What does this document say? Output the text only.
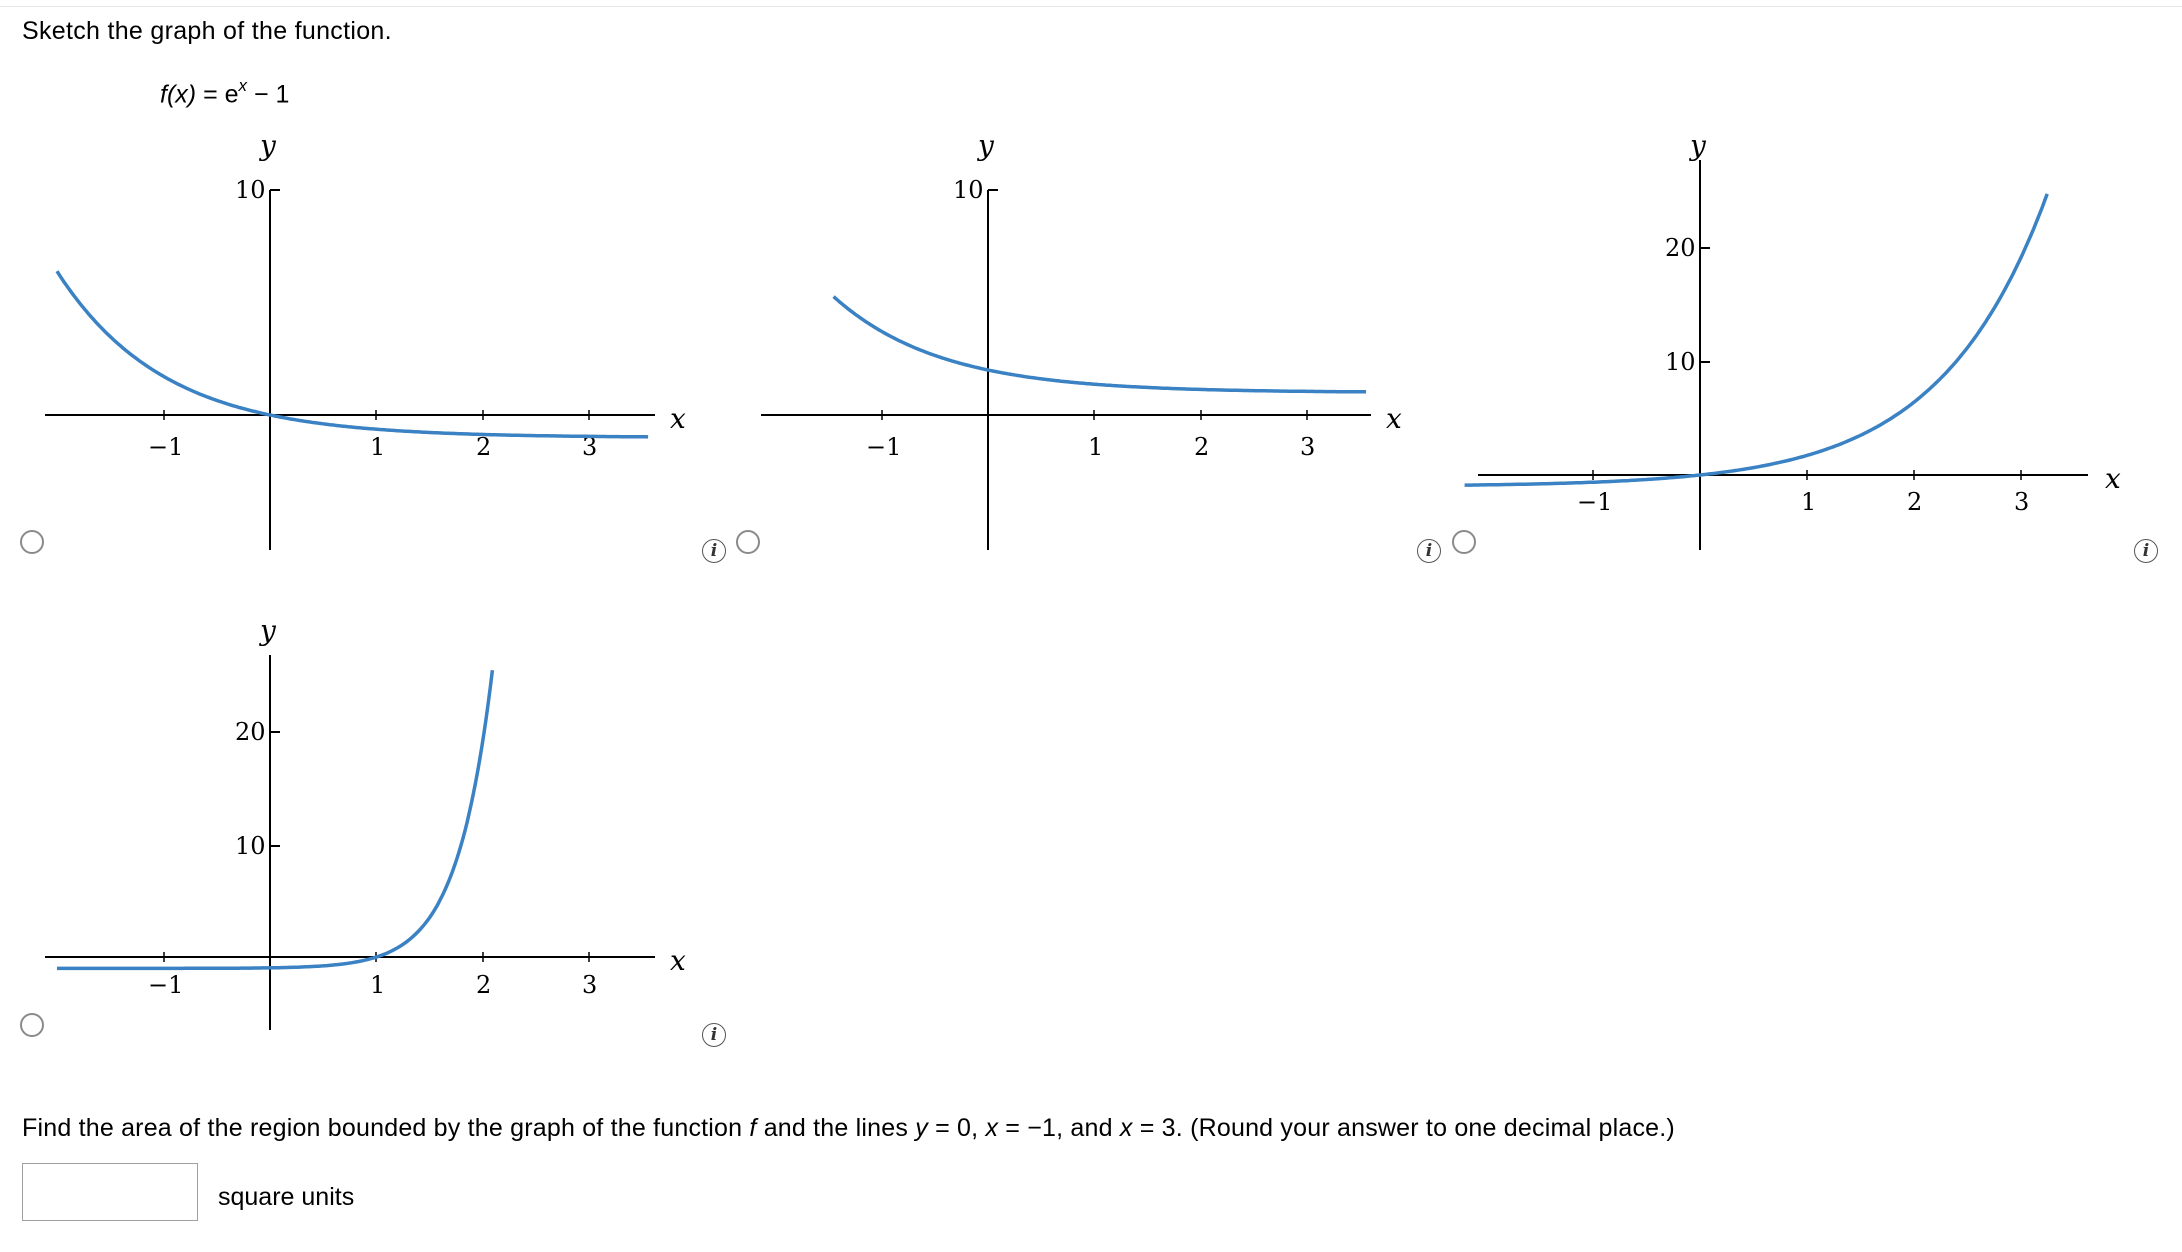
Sketch the graph of the function.
$f(x) = e^x - 1$
y
x
10
−1	1	2	3
y
x
10
−1	1	2	3
y
x
20
10
−1	1	2	3
y
x
20
10
−1	1	2	3
i	i	i
i
Find the area of the region bounded by the graph of the function f and the lines y = 0, x = −1, and x = 3. (Round your answer to one decimal place.)
square units
